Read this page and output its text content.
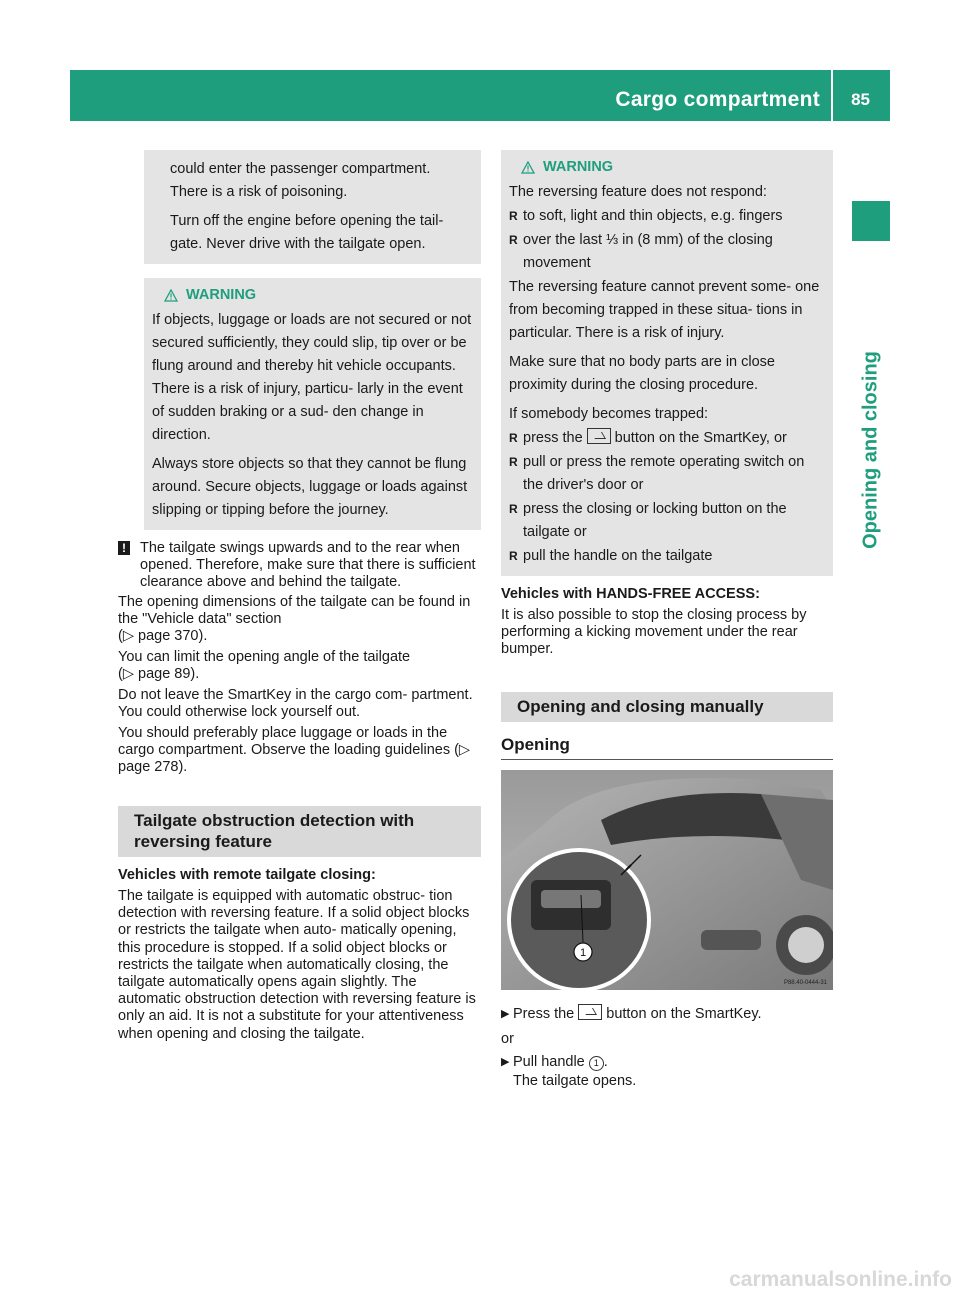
Cargo compartment 85
Opening and closing

could enter the passenger compartment.

There is a risk of poisoning.

Turn off the engine before opening the tail-

gate. Never drive with the tailgate open.

WARNING

If objects, luggage or loads are not secured or not secured sufficiently, they could slip, tip over or be flung around and thereby hit vehicle occupants. There is a risk of injury, particu- larly in the event of sudden braking or a sud- den change in direction.

Always store objects so that they cannot be flung around. Secure objects, luggage or loads against slipping or tipping before the journey.

! The tailgate swings upwards and to the rear when opened. Therefore, make sure that there is sufficient clearance above and behind the tailgate.

The opening dimensions of the tailgate can be found in the "Vehicle data" section

(▷ page 370).

You can limit the opening angle of the tailgate

(▷ page 89).

Do not leave the SmartKey in the cargo com- partment. You could otherwise lock yourself out.

You should preferably place luggage or loads in the cargo compartment. Observe the loading guidelines (▷ page 278).

Tailgate obstruction detection with reversing feature

Vehicles with remote tailgate closing:

The tailgate is equipped with automatic obstruc- tion detection with reversing feature. If a solid object blocks or restricts the tailgate when auto- matically opening, this procedure is stopped. If a solid object blocks or restricts the tailgate when automatically closing, the tailgate automatically opens again slightly. The automatic obstruction detection with reversing feature is only an aid. It is not a substitute for your attentiveness when opening and closing the tailgate.

WARNING

The reversing feature does not respond:

R to soft, light and thin objects, e.g. fingers
R over the last ⅓ in (8 mm) of the closing movement

The reversing feature cannot prevent some- one from becoming trapped in these situa- tions in particular. There is a risk of injury.

Make sure that no body parts are in close proximity during the closing procedure.

If somebody becomes trapped:

R press the button on the SmartKey, or
R pull or press the remote operating switch on the driver's door or
R press the closing or locking button on the tailgate or
R pull the handle on the tailgate

Vehicles with HANDS-FREE ACCESS:

It is also possible to stop the closing process by performing a kicking movement under the rear bumper.

Opening and closing manually
Opening
1
P88.40-0444-31
▶ Press the button on the SmartKey.

or

▶ Pull handle 1 .

The tailgate opens.

carmanualsonline.info
